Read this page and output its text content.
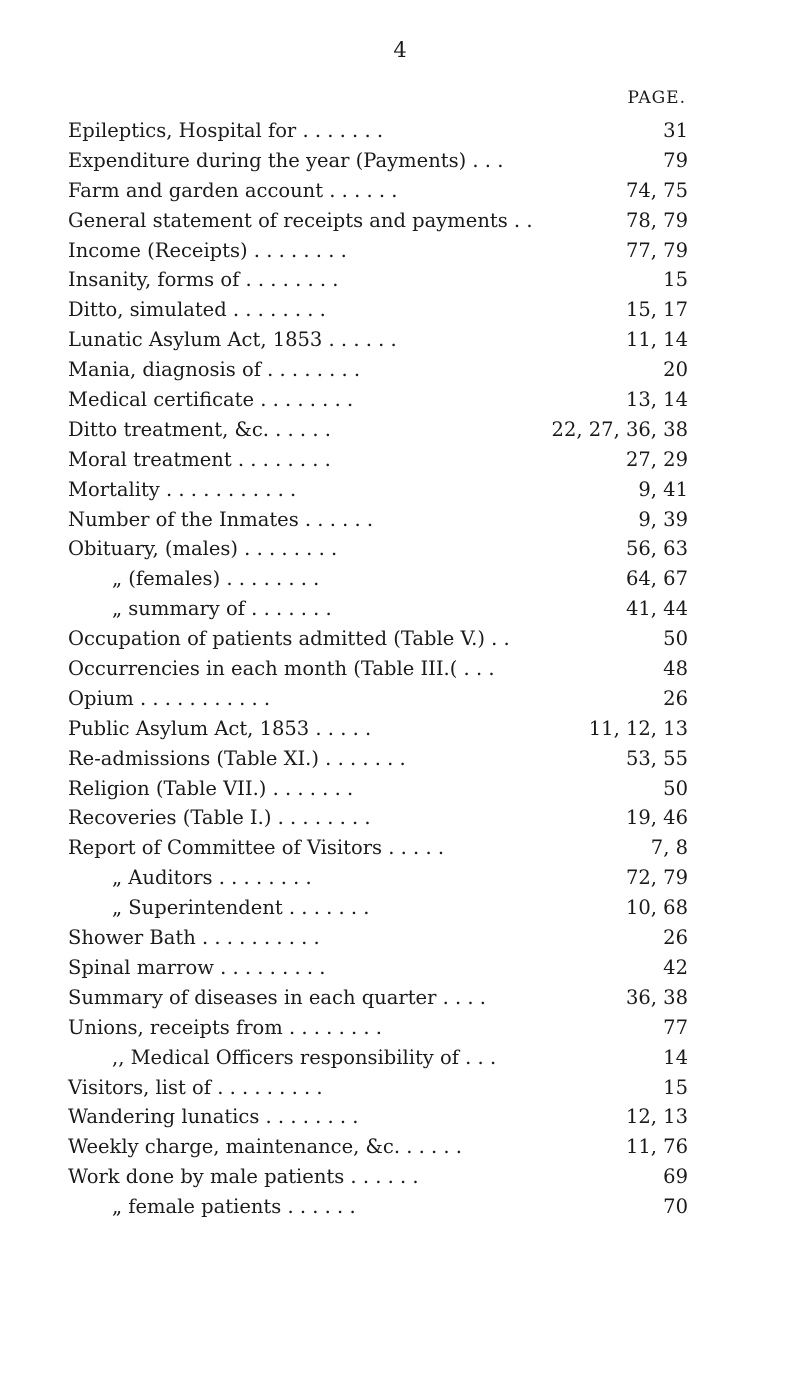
4
PAGE.
Epileptics, Hospital for . . . . . . .	31
Expenditure during the year (Payments) . . .	79
Farm and garden account . . . . . .	74, 75
General statement of receipts and payments . .	78, 79
Income (Receipts) . . . . . . . .	77, 79
Insanity, forms of . . . . . . . .	15
Ditto, simulated . . . . . . . .	15, 17
Lunatic Asylum Act, 1853 . . . . . .	11, 14
Mania, diagnosis of . . . . . . . .	20
Medical certificate . . . . . . . .	13, 14
Ditto treatment, &c. . . . . .	22, 27, 36, 38
Moral treatment . . . . . . . .	27, 29
Mortality . . . . . . . . . . .	9, 41
Number of the Inmates . . . . . .	9, 39
Obituary, (males) . . . . . . . .	56, 63
„ (females) . . . . . . . .	64, 67
„ summary of . . . . . . .	41, 44
Occupation of patients admitted (Table V.) . .	50
Occurrencies in each month (Table III.( . . .	48
Opium . . . . . . . . . . .	26
Public Asylum Act, 1853 . . . . .	11, 12, 13
Re-admissions (Table XI.) . . . . . . .	53, 55
Religion (Table VII.) . . . . . . .	50
Recoveries (Table I.) . . . . . . . .	19, 46
Report of Committee of Visitors . . . . .	7, 8
„ Auditors . . . . . . . .	72, 79
„ Superintendent . . . . . . .	10, 68
Shower Bath . . . . . . . . . .	26
Spinal marrow . . . . . . . . .	42
Summary of diseases in each quarter . . . .	36, 38
Unions, receipts from . . . . . . . .	77
,, Medical Officers responsibility of . . .	14
Visitors, list of . . . . . . . . .	15
Wandering lunatics . . . . . . . .	12, 13
Weekly charge, maintenance, &c. . . . . .	11, 76
Work done by male patients . . . . . .	69
„ female patients . . . . . .	70
